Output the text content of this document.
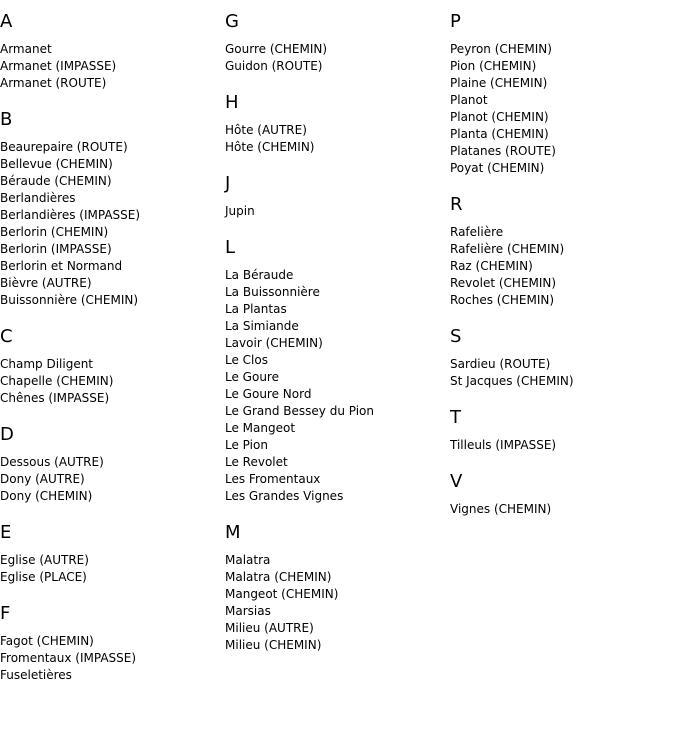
A
Armanet
Armanet (IMPASSE)
Armanet (ROUTE)
B
Beaurepaire (ROUTE)
Bellevue (CHEMIN)
Béraude (CHEMIN)
Berlandières
Berlandières (IMPASSE)
Berlorin (CHEMIN)
Berlorin (IMPASSE)
Berlorin et Normand
Bièvre (AUTRE)
Buissonnière (CHEMIN)
C
Champ Diligent
Chapelle (CHEMIN)
Chênes (IMPASSE)
D
Dessous (AUTRE)
Dony (AUTRE)
Dony (CHEMIN)
E
Eglise (AUTRE)
Eglise (PLACE)
F
Fagot (CHEMIN)
Fromentaux (IMPASSE)
Fuseletières
G
Gourre (CHEMIN)
Guidon (ROUTE)
H
Hôte (AUTRE)
Hôte (CHEMIN)
J
Jupin
L
La Béraude
La Buissonnière
La Plantas
La Simiande
Lavoir (CHEMIN)
Le Clos
Le Goure
Le Goure Nord
Le Grand Bessey du Pion
Le Mangeot
Le Pion
Le Revolet
Les Fromentaux
Les Grandes Vignes
M
Malatra
Malatra (CHEMIN)
Mangeot (CHEMIN)
Marsias
Milieu (AUTRE)
Milieu (CHEMIN)
P
Peyron (CHEMIN)
Pion (CHEMIN)
Plaine (CHEMIN)
Planot
Planot (CHEMIN)
Planta (CHEMIN)
Platanes (ROUTE)
Poyat (CHEMIN)
R
Rafelière
Rafelière (CHEMIN)
Raz (CHEMIN)
Revolet (CHEMIN)
Roches (CHEMIN)
S
Sardieu (ROUTE)
St Jacques (CHEMIN)
T
Tilleuls (IMPASSE)
V
Vignes (CHEMIN)
